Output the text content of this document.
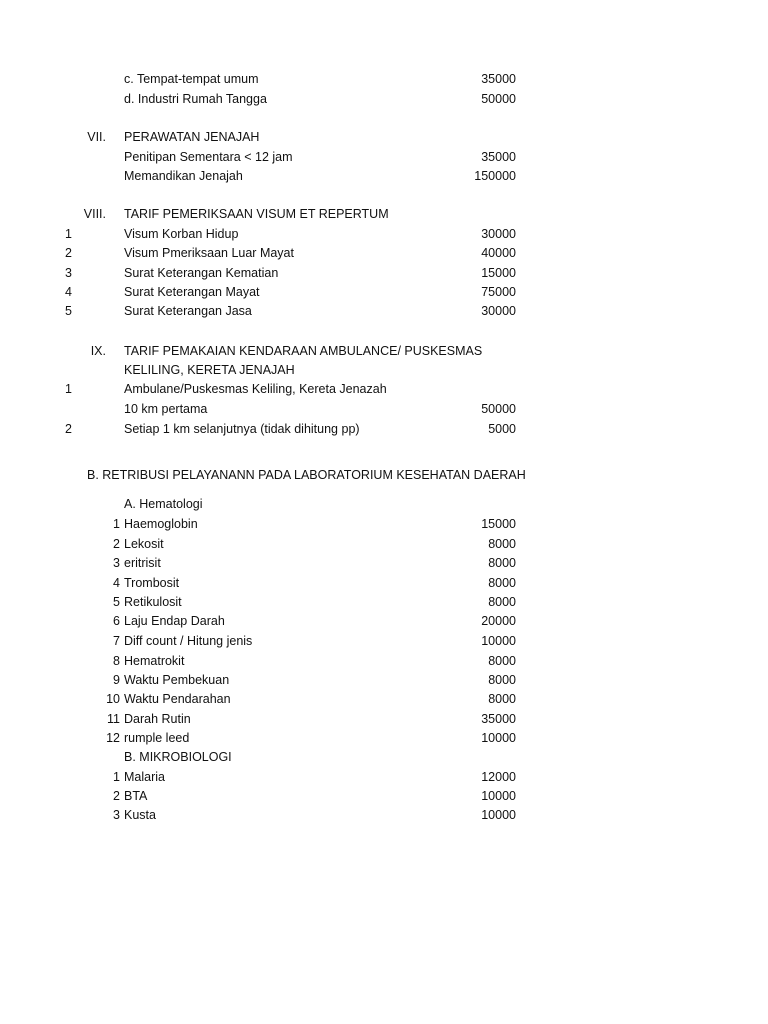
c. Tempat-tempat umum	35000
d. Industri Rumah Tangga	50000
VII. PERAWATAN JENAJAH
Penitipan Sementara < 12 jam	35000
Memandikan Jenajah	150000
VIII. TARIF PEMERIKSAAN VISUM ET REPERTUM
1	Visum Korban Hidup	30000
2	Visum Pmeriksaan Luar Mayat	40000
3	Surat Keterangan Kematian	15000
4	Surat Keterangan Mayat	75000
5	Surat Keterangan Jasa	30000
IX. TARIF PEMAKAIAN KENDARAAN AMBULANCE/ PUSKESMAS
KELILING, KERETA JENAJAH
1	Ambulane/Puskesmas Keliling, Kereta Jenazah
10 km pertama	50000
2	Setiap 1 km selanjutnya (tidak dihitung pp)	5000
B. RETRIBUSI PELAYANANN PADA LABORATORIUM KESEHATAN DAERAH
A. Hematologi
1 Haemoglobin	15000
2 Lekosit	8000
3 eritrisit	8000
4 Trombosit	8000
5 Retikulosit	8000
6 Laju Endap Darah	20000
7 Diff count / Hitung jenis	10000
8 Hematrokit	8000
9 Waktu Pembekuan	8000
10 Waktu Pendarahan	8000
11 Darah Rutin	35000
12 rumple leed	10000
B. MIKROBIOLOGI
1 Malaria	12000
2 BTA	10000
3 Kusta	10000
